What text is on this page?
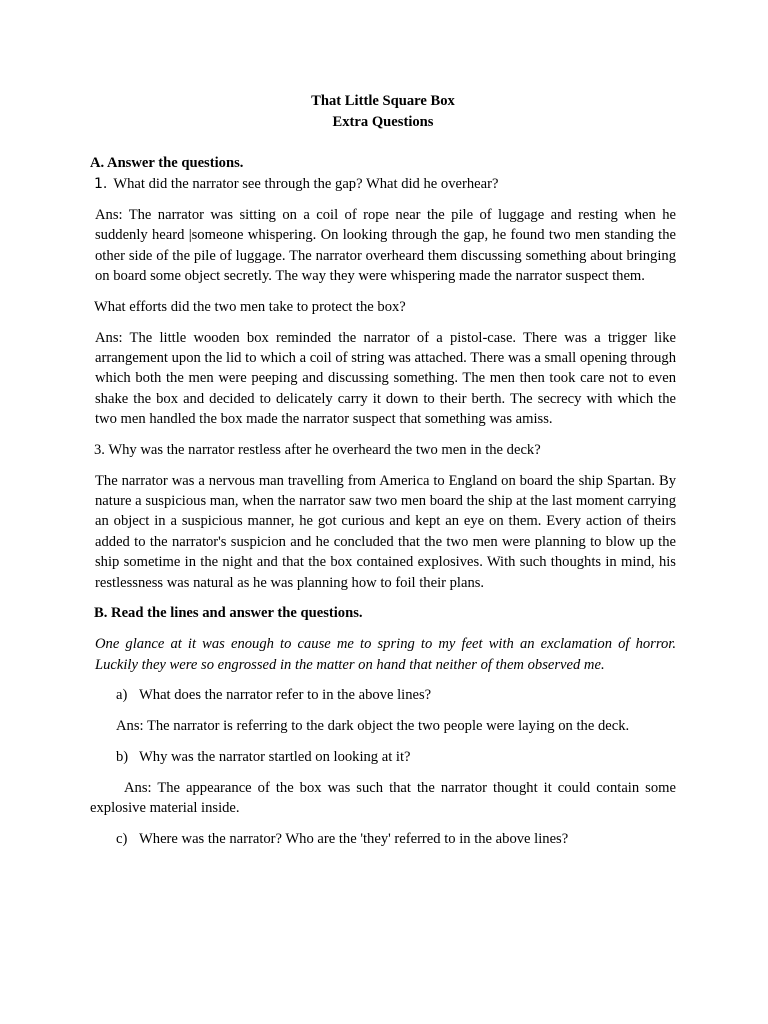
That Little Square Box

Extra Questions

A. Answer the questions.

1. What did the narrator see through the gap? What did he overhear?

Ans: The narrator was sitting on a coil of rope near the pile of luggage and resting when he suddenly heard |someone whispering. On looking through the gap, he found two men standing the other side of the pile of luggage. The narrator overheard them discussing something about bringing on board some object secretly. The way they were whispering made the narrator suspect them.

What efforts did the two men take to protect the box?

Ans: The little wooden box reminded the narrator of a pistol-case. There was a trigger like arrangement upon the lid to which a coil of string was attached. There was a small opening through which both the men were peeping and discussing something. The men then took care not to even shake the box and decided to delicately carry it down to their berth. The secrecy with which the two men handled the box made the narrator suspect that something was amiss.

3. Why was the narrator restless after he overheard the two men in the deck?

The narrator was a nervous man travelling from America to England on board the ship Spartan. By nature a suspicious man, when the narrator saw two men board the ship at the last moment carrying an object in a suspicious manner, he got curious and kept an eye on them. Every action of theirs added to the narrator's suspicion and he concluded that the two men were planning to blow up the ship sometime in the night and that the box contained explosives. With such thoughts in mind, his restlessness was natural as he was planning how to foil their plans.

B. Read the lines and answer the questions.

One glance at it was enough to cause me to spring to my feet with an exclamation of horror. Luckily they were so engrossed in the matter on hand that neither of them observed me.

a) What does the narrator refer to in the above lines?

Ans: The narrator is referring to the dark object the two people were laying on the deck.

b) Why was the narrator startled on looking at it?

Ans: The appearance of the box was such that the narrator thought it could contain some explosive material inside.

c) Where was the narrator? Who are the 'they' referred to in the above lines?
